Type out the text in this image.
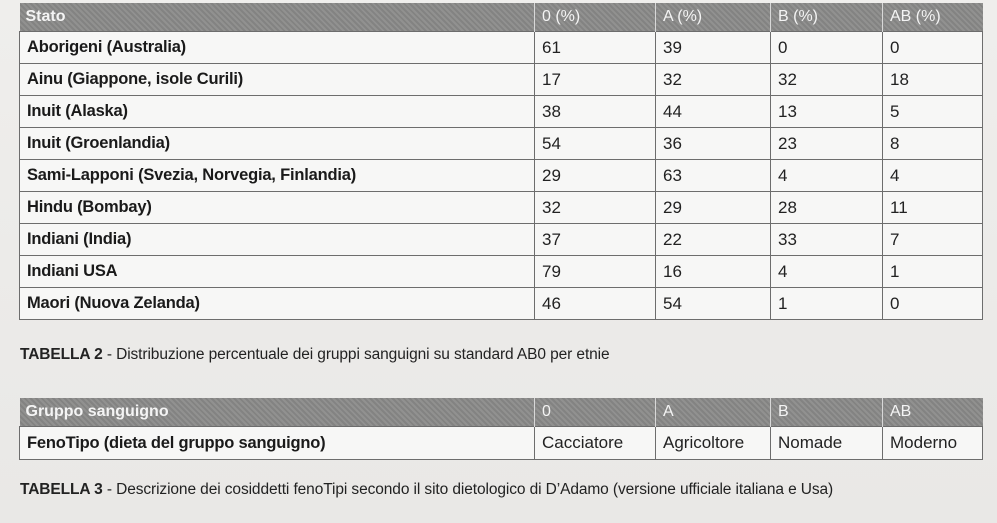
Stato	0 (%)	A (%)	B (%)	AB (%)
Aborigeni (Australia)	61	39	0	0
Ainu (Giappone, isole Curili)	17	32	32	18
Inuit (Alaska)	38	44	13	5
Inuit (Groenlandia)	54	36	23	8
Sami-Lapponi (Svezia, Norvegia, Finlandia)	29	63	4	4
Hindu (Bombay)	32	29	28	11
Indiani (India)	37	22	33	7
Indiani USA	79	16	4	1
Maori (Nuova Zelanda)	46	54	1	0
TABELLA 2 - Distribuzione percentuale dei gruppi sanguigni su standard AB0 per etnie
Gruppo sanguigno	0	A	B	AB
FenoTipo (dieta del gruppo sanguigno)	Cacciatore	Agricoltore	Nomade	Moderno
TABELLA 3 - Descrizione dei cosiddetti fenoTipi secondo il sito dietologico di D’Adamo (versione ufficiale italiana e Usa)
